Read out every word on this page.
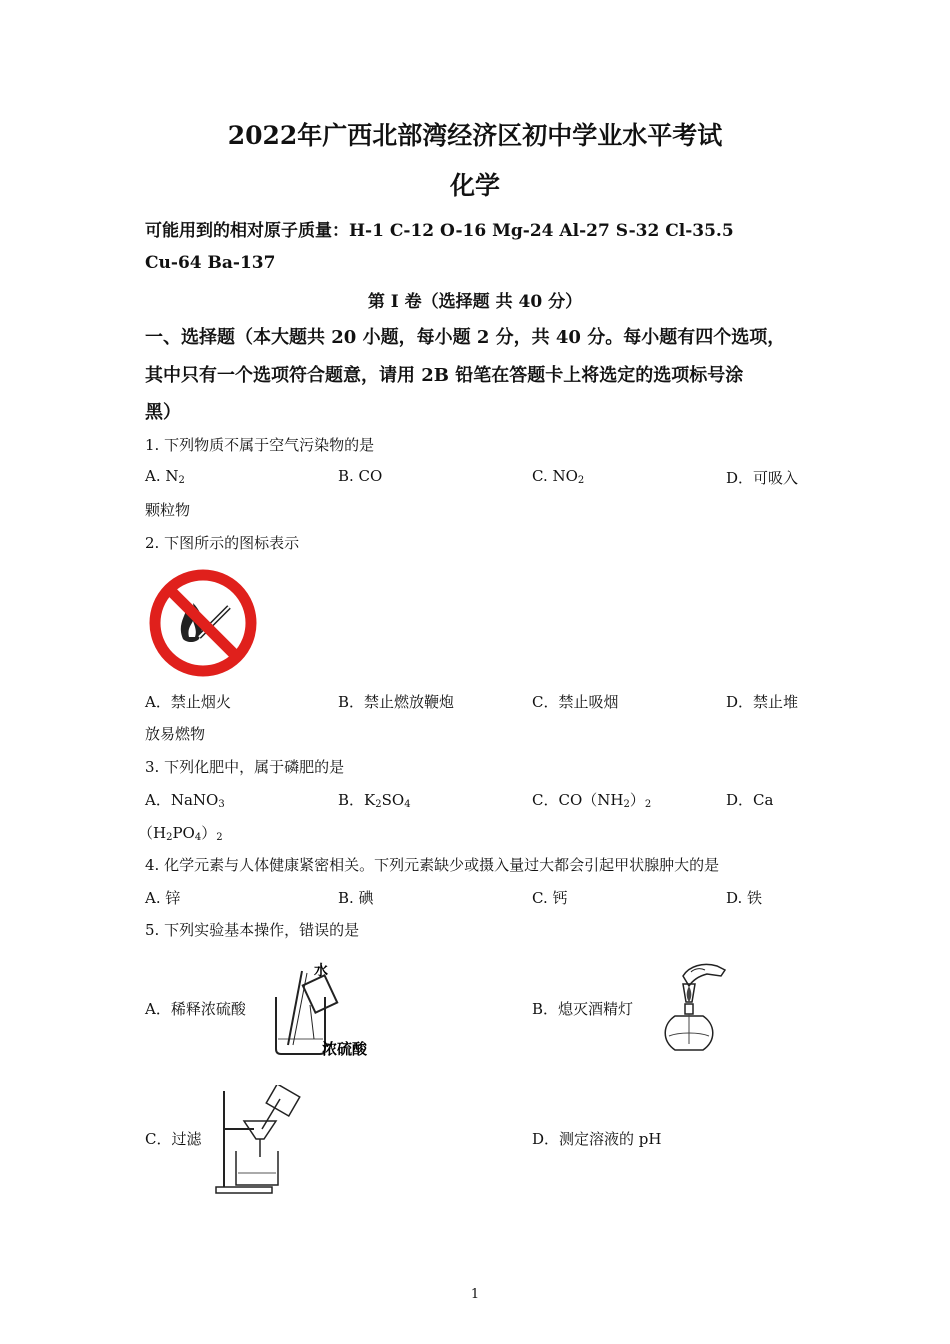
2022年广西北部湾经济区初中学业水平考试
化学
可能用到的相对原子质量：H-1 C-12 O-16 Mg-24 Al-27 S-32 Cl-35.5
Cu-64 Ba-137
第 I 卷（选择题 共 40 分）
一、选择题（本大题共 20 小题，每小题 2 分，共 40 分。每小题有四个选项，
其中只有一个选项符合题意，请用 2B 铅笔在答题卡上将选定的选项标号涂
黑）
1. 下列物质不属于空气污染物的是
A. $N_2$	B. CO	C. $NO_2$	D．可吸入
颗粒物
2. 下图所示的图标表示
A．禁止烟火	B．禁止燃放鞭炮	C．禁止吸烟	D．禁止堆
放易燃物
3. 下列化肥中，属于磷肥的是
A．NaNO$_3$	B．$K_2SO_4$	C．$CO(NH_2)_2$	D．Ca
$(H_2PO_4)_2$
4. 化学元素与人体健康紧密相关。下列元素缺少或摄入量过大都会引起甲状腺肿大的是
A. 锌	B. 碘	C. 钙	D. 铁
5. 下列实验基本操作，错误的是
A．稀释浓硫酸
水
浓硫酸
B．熄灭酒精灯
C．过滤	D．测定溶液的 pH
1
